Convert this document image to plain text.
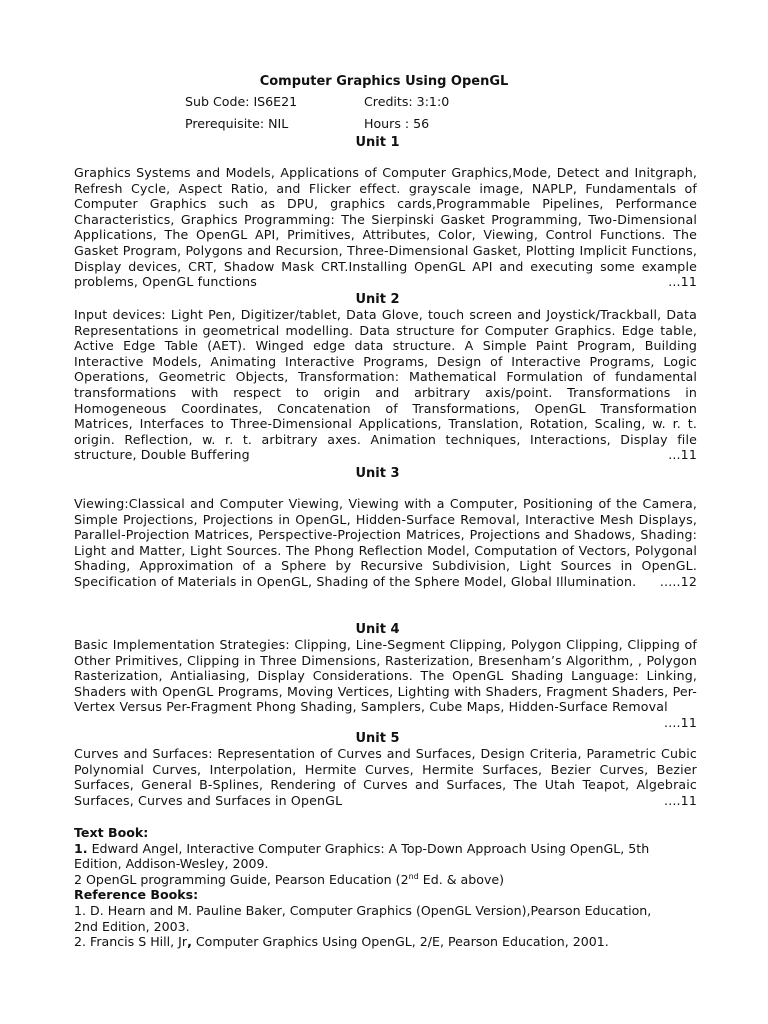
Computer Graphics Using OpenGL
Sub Code: IS6E21	Credits: 3:1:0
Prerequisite: NIL	Hours : 56
Unit 1
Graphics Systems and Models, Applications of Computer Graphics,Mode, Detect and Initgraph, Refresh Cycle, Aspect Ratio, and Flicker effect. grayscale image, NAPLP, Fundamentals of Computer Graphics such as DPU, graphics cards,Programmable Pipelines, Performance Characteristics, Graphics Programming: The Sierpinski Gasket Programming, Two-Dimensional Applications, The OpenGL API, Primitives, Attributes, Color, Viewing, Control Functions. The Gasket Program, Polygons and Recursion, Three-Dimensional Gasket, Plotting Implicit Functions, Display devices, CRT, Shadow Mask CRT.Installing OpenGL API and executing some example problems, OpenGL functions	...11
Unit 2
Input devices: Light Pen, Digitizer/tablet, Data Glove, touch screen and Joystick/Trackball, Data Representations in geometrical modelling. Data structure for Computer Graphics. Edge table, Active Edge Table (AET). Winged edge data structure. A Simple Paint Program, Building Interactive Models, Animating Interactive Programs, Design of Interactive Programs, Logic Operations, Geometric Objects, Transformation: Mathematical Formulation of fundamental transformations with respect to origin and arbitrary axis/point. Transformations in Homogeneous Coordinates, Concatenation of Transformations, OpenGL Transformation Matrices, Interfaces to Three-Dimensional Applications, Translation, Rotation, Scaling, w. r. t. origin. Reflection, w. r. t. arbitrary axes. Animation techniques, Interactions, Display file structure, Double Buffering	...11
Unit 3
Viewing:Classical and Computer Viewing, Viewing with a Computer, Positioning of the Camera, Simple Projections, Projections in OpenGL, Hidden-Surface Removal, Interactive Mesh Displays, Parallel-Projection Matrices, Perspective-Projection Matrices, Projections and Shadows, Shading: Light and Matter, Light Sources. The Phong Reflection Model, Computation of Vectors, Polygonal Shading, Approximation of a Sphere by Recursive Subdivision, Light Sources in OpenGL. Specification of Materials in OpenGL, Shading of the Sphere Model, Global Illumination. .....12
Unit 4
Basic Implementation Strategies: Clipping, Line-Segment Clipping, Polygon Clipping, Clipping of Other Primitives, Clipping in Three Dimensions, Rasterization, Bresenham’s Algorithm, , Polygon Rasterization, Antialiasing, Display Considerations. The OpenGL Shading Language: Linking, Shaders with OpenGL Programs, Moving Vertices, Lighting with Shaders, Fragment Shaders, Per-Vertex Versus Per-Fragment Phong Shading, Samplers, Cube Maps, Hidden-Surface Removal
....11
Unit 5
Curves and Surfaces: Representation of Curves and Surfaces, Design Criteria, Parametric Cubic Polynomial Curves, Interpolation, Hermite Curves, Hermite Surfaces, Bezier Curves, Bezier Surfaces, General B-Splines, Rendering of Curves and Surfaces, The Utah Teapot, Algebraic Surfaces, Curves and Surfaces in OpenGL	....11
Text Book:
1. Edward Angel, Interactive Computer Graphics: A Top-Down Approach Using OpenGL, 5th
Edition, Addison-Wesley, 2009.
2 OpenGL programming Guide, Pearson Education (2nd Ed. & above)
Reference Books:
1. D. Hearn and M. Pauline Baker, Computer Graphics (OpenGL Version),Pearson Education,
2nd Edition, 2003.
2. Francis S Hill, Jr, Computer Graphics Using OpenGL, 2/E, Pearson Education, 2001.
